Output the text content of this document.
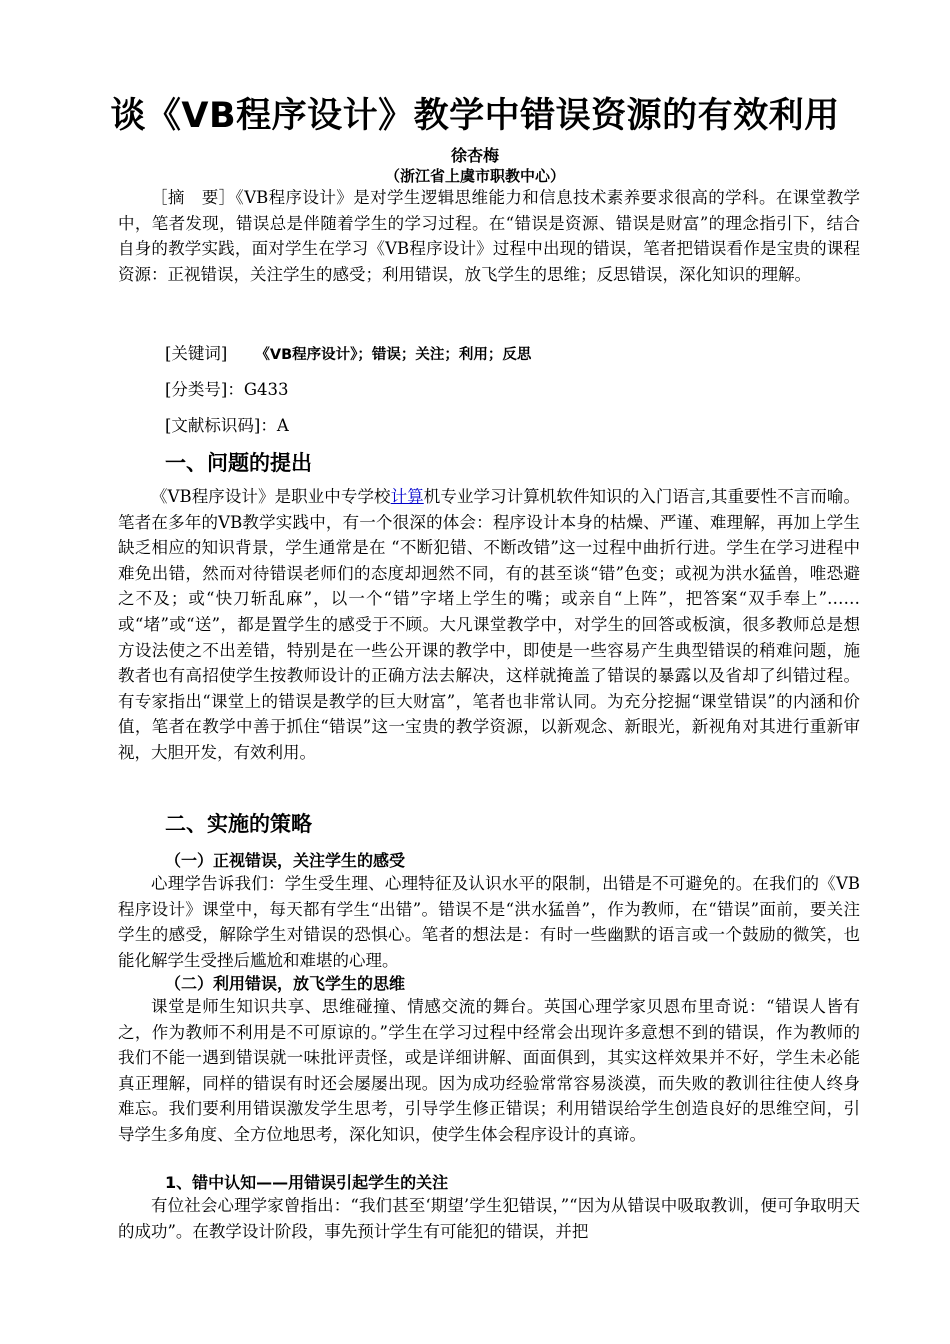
谈《VB程序设计》教学中错误资源的有效利用
徐杏梅
（浙江省上虞市职教中心）

［摘　要］《VB程序设计》是对学生逻辑思维能力和信息技术素养要求很高的学科。在课堂教学中，笔者发现，错误总是伴随着学生的学习过程。在“错误是资源、错误是财富”的理念指引下，结合自身的教学实践，面对学生在学习《VB程序设计》过程中出现的错误，笔者把错误看作是宝贵的课程资源：正视错误，关注学生的感受；利用错误，放飞学生的思维；反思错误，深化知识的理解。

[关键词] 《VB程序设计》；错误；关注；利用；反思
[分类号]：G433
[文献标识码]：A
一、问题的提出

《VB程序设计》是职业中专学校计算机专业学习计算机软件知识的入门语言,其重要性不言而喻。笔者在多年的VB教学实践中，有一个很深的体会：程序设计本身的枯燥、严谨、难理解，再加上学生缺乏相应的知识背景，学生通常是在 “不断犯错、不断改错”这一过程中曲折行进。学生在学习进程中难免出错，然而对待错误老师们的态度却迥然不同，有的甚至谈“错”色变；或视为洪水猛兽，唯恐避之不及；或“快刀斩乱麻”，以一个“错”字堵上学生的嘴；或亲自“上阵”，把答案“双手奉上”……或“堵”或“送”，都是置学生的感受于不顾。大凡课堂教学中，对学生的回答或板演，很多教师总是想方设法使之不出差错，特别是在一些公开课的教学中，即使是一些容易产生典型错误的稍难问题，施教者也有高招使学生按教师设计的正确方法去解决，这样就掩盖了错误的暴露以及省却了纠错过程。有专家指出“课堂上的错误是教学的巨大财富”，笔者也非常认同。为充分挖掘“课堂错误”的内涵和价值，笔者在教学中善于抓住“错误”这一宝贵的教学资源，以新观念、新眼光，新视角对其进行重新审视，大胆开发，有效利用。

二、实施的策略
（一）正视错误，关注学生的感受

心理学告诉我们：学生受生理、心理特征及认识水平的限制，出错是不可避免的。在我们的《VB程序设计》课堂中，每天都有学生“出错”。错误不是“洪水猛兽”，作为教师，在“错误”面前，要关注学生的感受，解除学生对错误的恐惧心。笔者的想法是：有时一些幽默的语言或一个鼓励的微笑，也能化解学生受挫后尴尬和难堪的心理。

（二）利用错误，放飞学生的思维

课堂是师生知识共享、思维碰撞、情感交流的舞台。英国心理学家贝恩布里奇说：“错误人皆有之，作为教师不利用是不可原谅的。”学生在学习过程中经常会出现许多意想不到的错误，作为教师的我们不能一遇到错误就一味批评责怪，或是详细讲解、面面俱到，其实这样效果并不好，学生未必能真正理解，同样的错误有时还会屡屡出现。因为成功经验常常容易淡漠，而失败的教训往往使人终身难忘。我们要利用错误激发学生思考，引导学生修正错误；利用错误给学生创造良好的思维空间，引导学生多角度、全方位地思考，深化知识，使学生体会程序设计的真谛。

1、错中认知——用错误引起学生的关注

有位社会心理学家曾指出：“我们甚至‘期望’学生犯错误，”“因为从错误中吸取教训，便可争取明天的成功”。在教学设计阶段，事先预计学生有可能犯的错误，并把
